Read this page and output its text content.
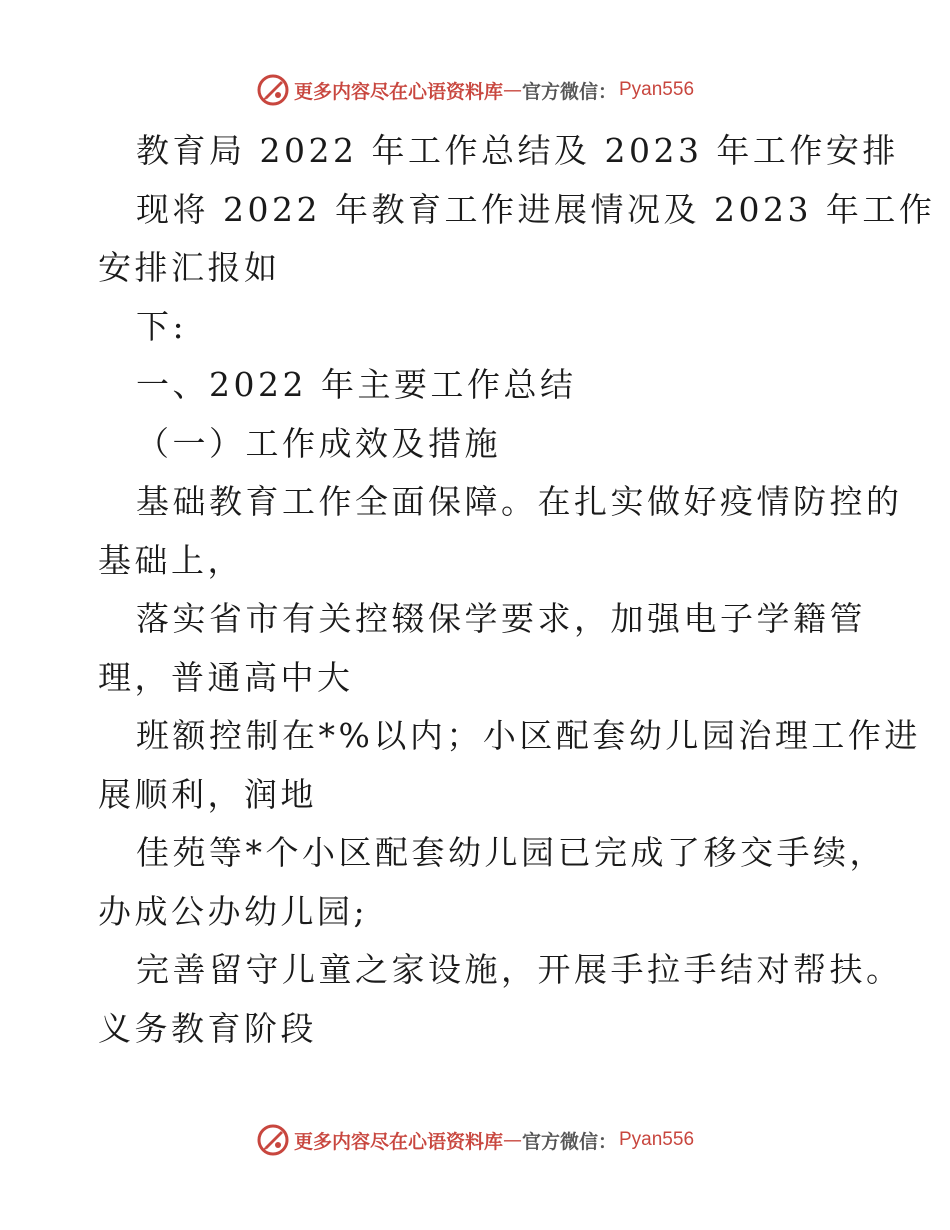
更多内容尽在心语资料库 — 官方微信： Pyan556
教育局 2022 年工作总结及 2023 年工作安排
现将 2022 年教育工作进展情况及 2023 年工作
安排汇报如
下:
一、2022 年主要工作总结
（一）工作成效及措施
基础教育工作全面保障。在扎实做好疫情防控的
基础上，
落实省市有关控辍保学要求，加强电子学籍管
理，普通高中大
班额控制在*%以内；小区配套幼儿园治理工作进
展顺利，润地
佳苑等*个小区配套幼儿园已完成了移交手续，
办成公办幼儿园;
完善留守儿童之家设施，开展手拉手结对帮扶。
义务教育阶段
更多内容尽在心语资料库 — 官方微信： Pyan556
